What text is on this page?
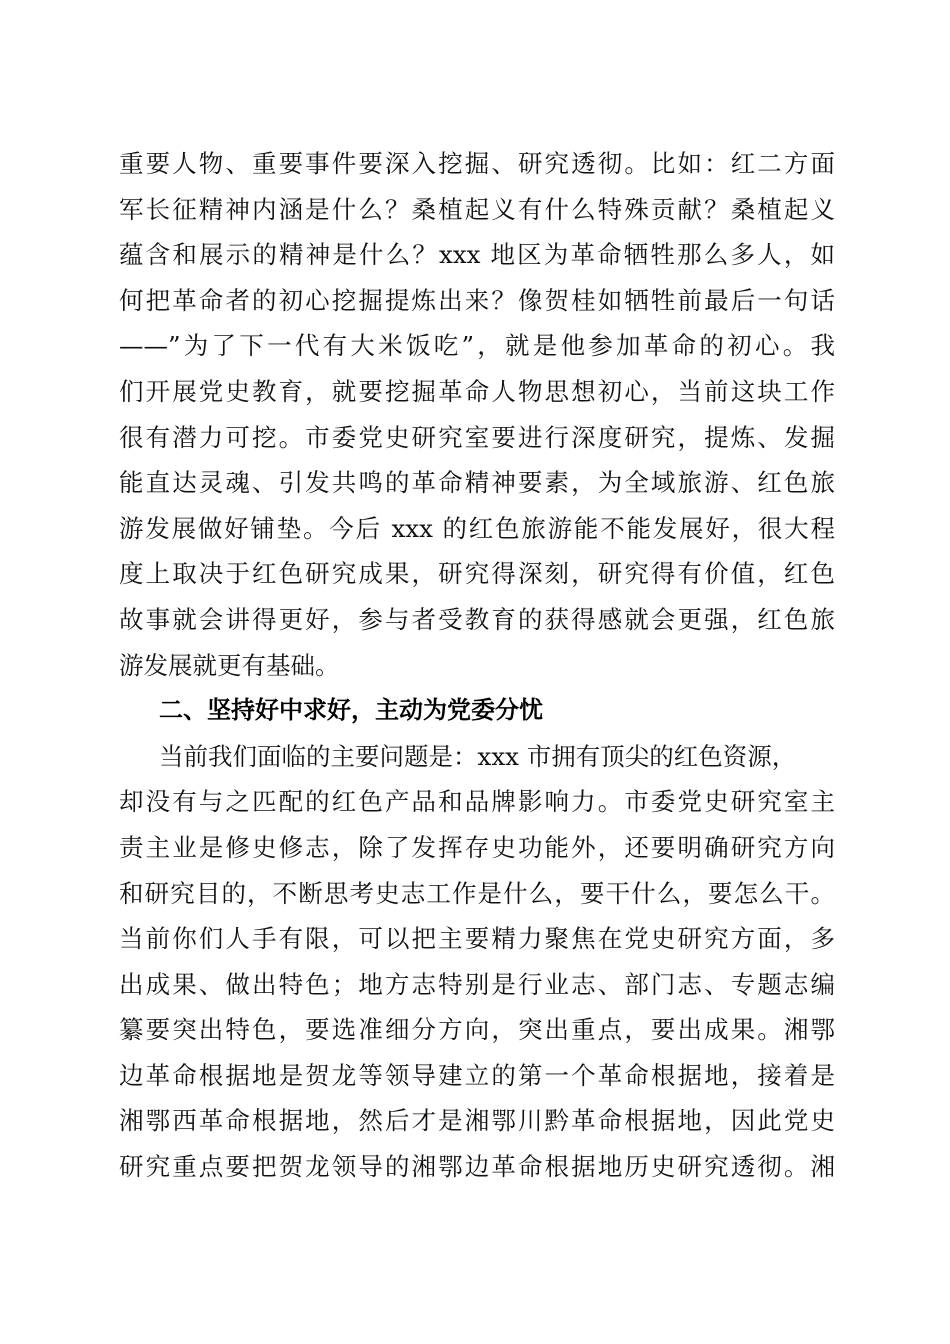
重要人物、重要事件要深入挖掘、研究透彻。比如：红二方面
军长征精神内涵是什么？桑植起义有什么特殊贡献？桑植起义
蕴含和展示的精神是什么？xxx 地区为革命牺牲那么多人，如
何把革命者的初心挖掘提炼出来？像贺桂如牺牲前最后一句话
——”为了下一代有大米饭吃”，就是他参加革命的初心。我
们开展党史教育，就要挖掘革命人物思想初心，当前这块工作
很有潜力可挖。市委党史研究室要进行深度研究，提炼、发掘
能直达灵魂、引发共鸣的革命精神要素，为全域旅游、红色旅
游发展做好铺垫。今后 xxx 的红色旅游能不能发展好，很大程
度上取决于红色研究成果，研究得深刻，研究得有价值，红色
故事就会讲得更好，参与者受教育的获得感就会更强，红色旅
游发展就更有基础。
二、坚持好中求好，主动为党委分忧
当前我们面临的主要问题是：xxx 市拥有顶尖的红色资源，
却没有与之匹配的红色产品和品牌影响力。市委党史研究室主
责主业是修史修志，除了发挥存史功能外，还要明确研究方向
和研究目的，不断思考史志工作是什么，要干什么，要怎么干。
当前你们人手有限，可以把主要精力聚焦在党史研究方面，多
出成果、做出特色；地方志特别是行业志、部门志、专题志编
纂要突出特色，要选准细分方向，突出重点，要出成果。湘鄂
边革命根据地是贺龙等领导建立的第一个革命根据地，接着是
湘鄂西革命根据地，然后才是湘鄂川黔革命根据地，因此党史
研究重点要把贺龙领导的湘鄂边革命根据地历史研究透彻。湘
